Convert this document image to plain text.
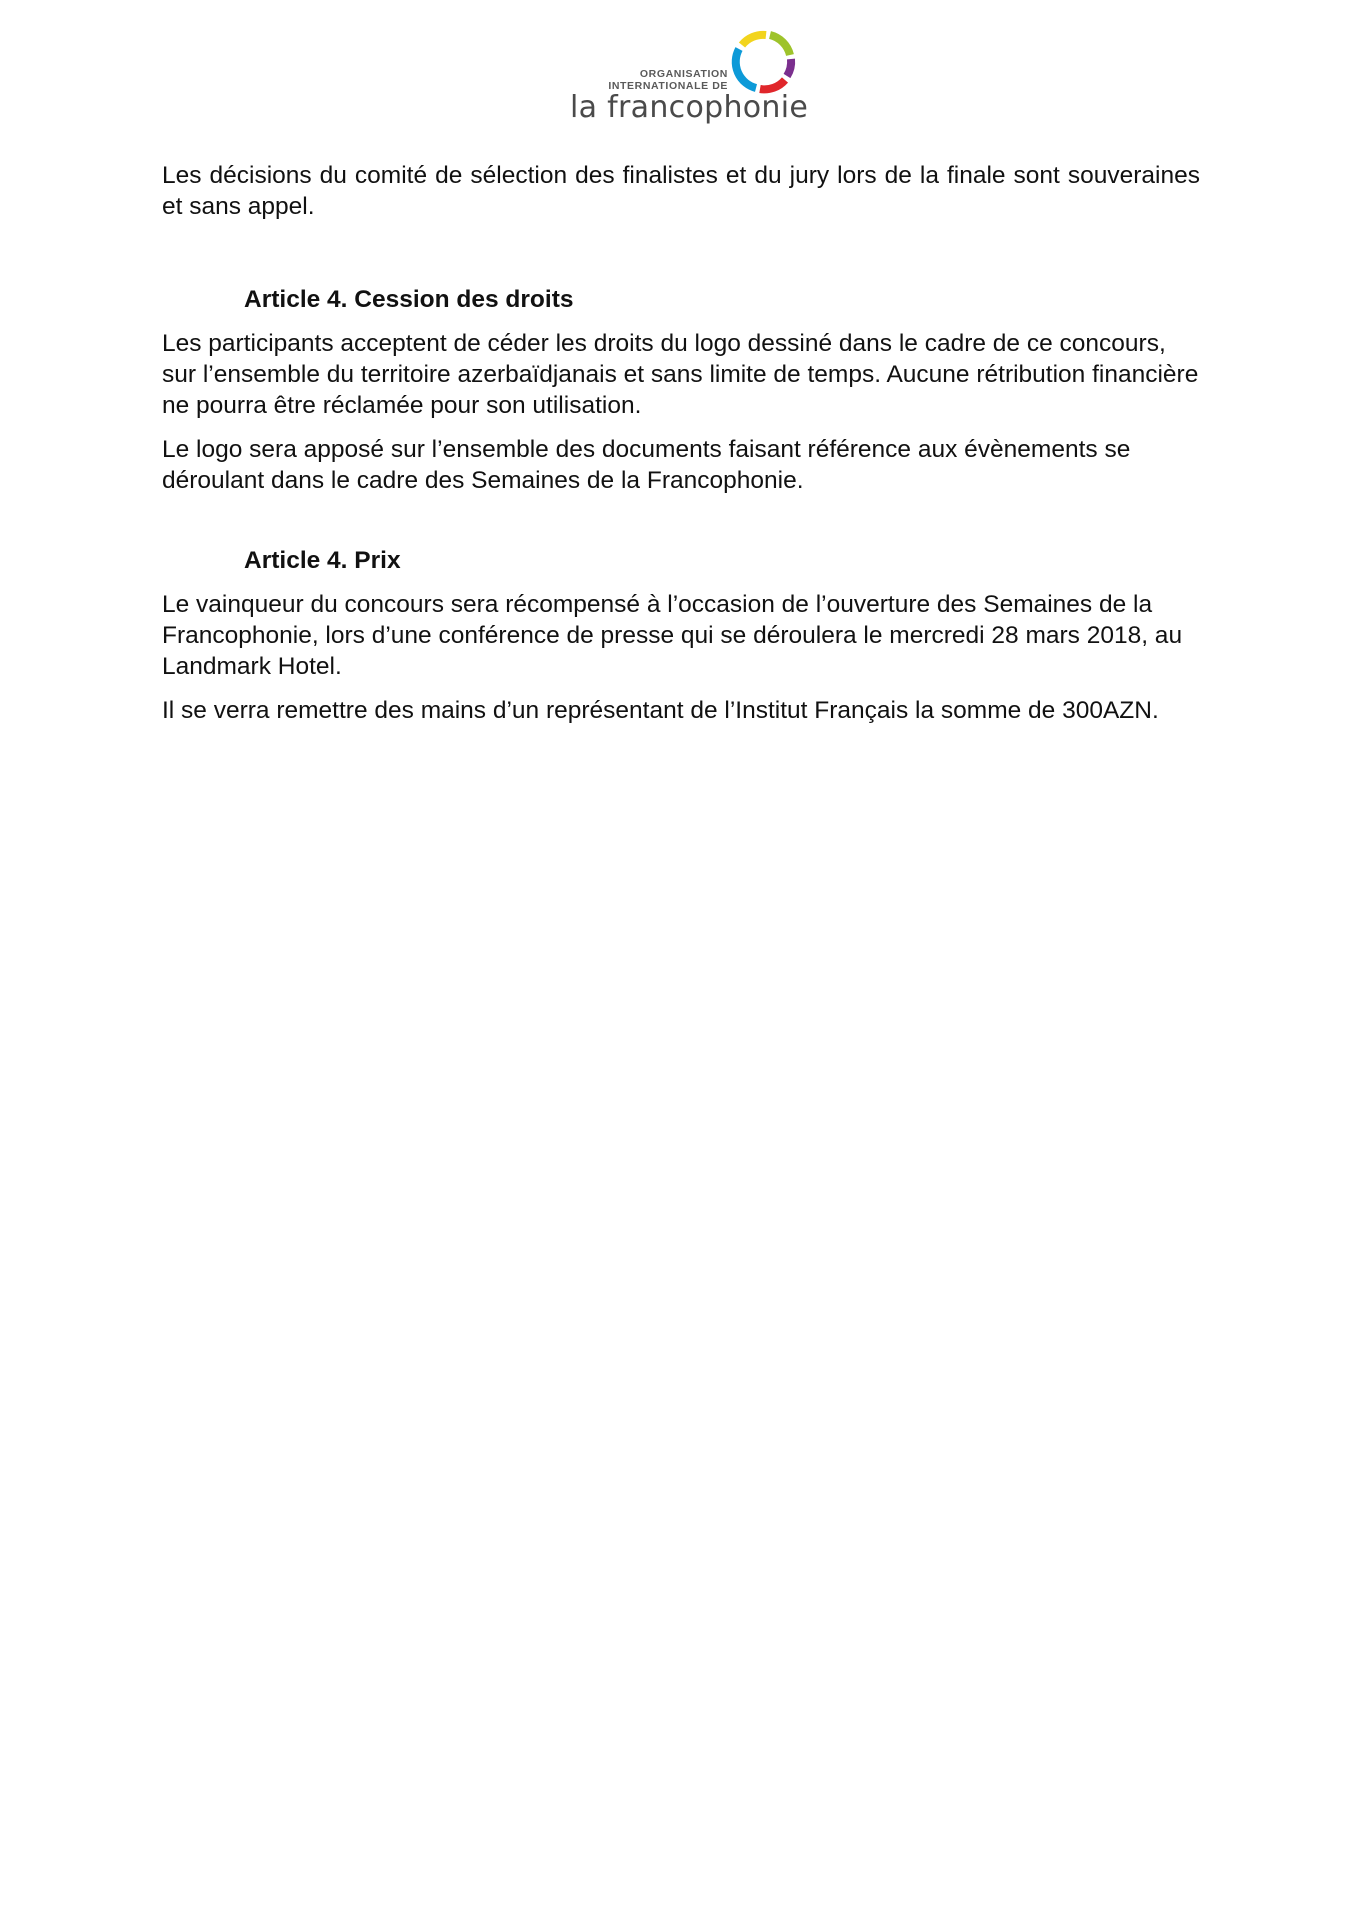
ORGANISATION
INTERNATIONALE DE
la francophonie

Les décisions du comité de sélection des finalistes et du jury lors de la finale sont souveraines et sans appel.

Article 4. Cession des droits

Les participants acceptent de céder les droits du logo dessiné dans le cadre de ce concours, sur l’ensemble du territoire azerbaïdjanais et sans limite de temps. Aucune rétribution financière ne pourra être réclamée pour son utilisation.

Le logo sera apposé sur l’ensemble des documents faisant référence aux évènements se déroulant dans le cadre des Semaines de la Francophonie.

Article 4. Prix

Le vainqueur du concours sera récompensé à l’occasion de l’ouverture des Semaines de la Francophonie, lors d’une conférence de presse qui se déroulera le mercredi 28 mars 2018, au Landmark Hotel.

Il se verra remettre des mains d’un représentant de l’Institut Français la somme de 300AZN.
